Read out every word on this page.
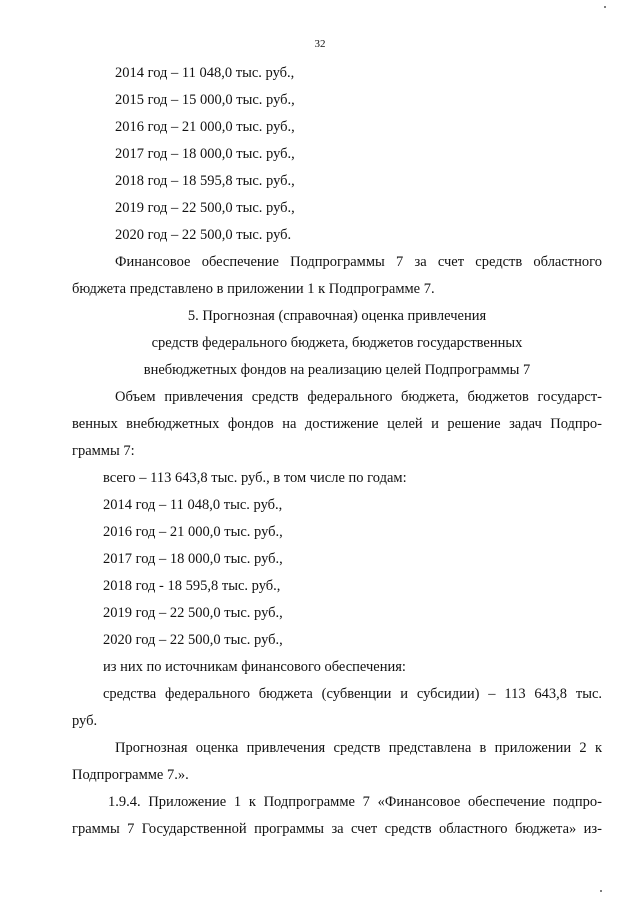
32
2014 год – 11 048,0 тыс. руб.,
2015 год – 15 000,0 тыс. руб.,
2016 год – 21 000,0 тыс. руб.,
2017 год – 18 000,0 тыс. руб.,
2018 год – 18 595,8 тыс. руб.,
2019 год – 22 500,0 тыс. руб.,
2020 год – 22 500,0 тыс. руб.
Финансовое обеспечение Подпрограммы 7 за счет средств областного
бюджета представлено в приложении 1 к Подпрограмме 7.
5. Прогнозная (справочная) оценка привлечения
средств федерального бюджета, бюджетов государственных
внебюджетных фондов на реализацию целей Подпрограммы 7
Объем привлечения средств федерального бюджета, бюджетов государст-
венных внебюджетных фондов на достижение целей и решение задач Подпро-
граммы 7:
всего – 113 643,8 тыс. руб., в том числе по годам:
2014 год – 11 048,0 тыс. руб.,
2016 год – 21 000,0 тыс. руб.,
2017 год – 18 000,0 тыс. руб.,
2018 год - 18 595,8 тыс. руб.,
2019 год – 22 500,0 тыс. руб.,
2020 год – 22 500,0 тыс. руб.,
из них по источникам финансового обеспечения:
средства федерального бюджета (субвенции и субсидии) – 113 643,8 тыс.
руб.
Прогнозная оценка привлечения средств представлена в приложении 2 к
Подпрограмме 7.».
1.9.4. Приложение 1 к Подпрограмме 7 «Финансовое обеспечение подпро-
граммы 7 Государственной программы за счет средств областного бюджета» из-
